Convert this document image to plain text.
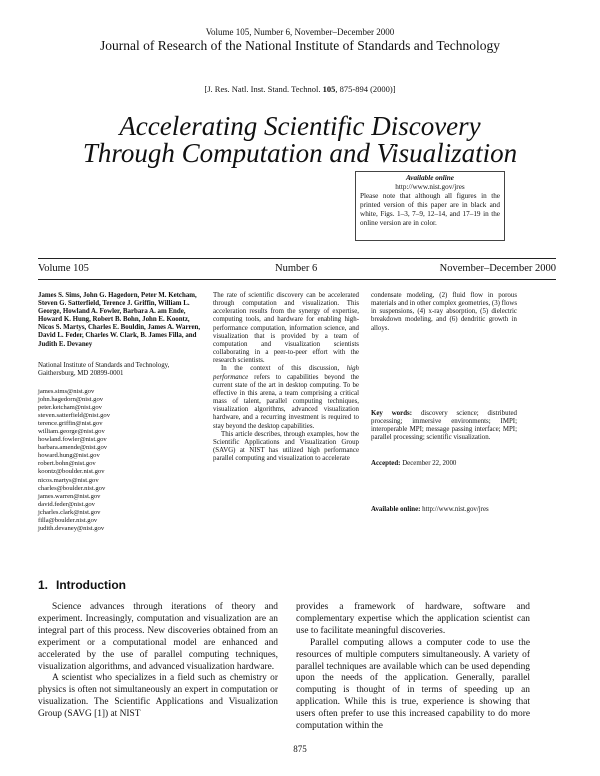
Volume 105, Number 6, November–December 2000
Journal of Research of the National Institute of Standards and Technology
[J. Res. Natl. Inst. Stand. Technol. 105, 875-894 (2000)]
Accelerating Scientific Discovery
Through Computation and Visualization
Available online
http://www.nist.gov/jres
Please note that although all figures in the printed version of this paper are in black and white, Figs. 1–3, 7–9, 12–14, and 17–19 in the online version are in color.
Volume 105	Number 6	November–December 2000
James S. Sims, John G. Hagedorn, Peter M. Ketcham, Steven G. Satterfield, Terence J. Griffin, William L. George, Howland A. Fowler, Barbara A. am Ende, Howard K. Hung, Robert B. Bohn, John E. Koontz, Nicos S. Martys, Charles E. Bouldin, James A. Warren, David L. Feder, Charles W. Clark, B. James Filla, and Judith E. Devaney
National Institute of Standards and Technology, Gaithersburg, MD 20899-0001
james.sims@nist.gov
john.hagedorn@nist.gov
peter.ketcham@nist.gov
steven.satterfield@nist.gov
terence.griffin@nist.gov
william.george@nist.gov
howland.fowler@nist.gov
barbara.amende@nist.gov
howard.hung@nist.gov
robert.bohn@nist.gov
koontz@boulder.nist.gov
nicos.martys@nist.gov
charles@boulder.nist.gov
james.warren@nist.gov
david.feder@nist.gov
jcharles.clark@nist.gov
filla@boulder.nist.gov
judith.devaney@nist.gov

The rate of scientific discovery can be accelerated through computation and visualization. This acceleration results from the synergy of expertise, computing tools, and hardware for enabling high-performance computation, information science, and visualization that is provided by a team of computation and visualization scientists collaborating in a peer-to-peer effort with the research scientists.

In the context of this discussion, high performance refers to capabilities beyond the current state of the art in desktop computing. To be effective in this arena, a team comprising a critical mass of talent, parallel computing techniques, visualization algorithms, advanced visualization hardware, and a recurring investment is required to stay beyond the desktop capabilities.

This article describes, through examples, how the Scientific Applications and Visualization Group (SAVG) at NIST has utilized high performance parallel computing and visualization to accelerate

condensate modeling, (2) fluid flow in porous materials and in other complex geometries, (3) flows in suspensions, (4) x-ray absorption, (5) dielectric breakdown modeling, and (6) dendritic growth in alloys.
Key words: discovery science; distributed processing; immersive environments; IMPI; interoperable MPI; message passing interface; MPI; parallel processing; scientific visualization.
Accepted: December 22, 2000
Available online: http://www.nist.gov/jres
1. Introduction

Science advances through iterations of theory and experiment. Increasingly, computation and visualization are an integral part of this process. New discoveries obtained from an experiment or a computational model are enhanced and accelerated by the use of parallel computing techniques, visualization algorithms, and advanced visualization hardware.

A scientist who specializes in a field such as chemistry or physics is often not simultaneously an expert in computation or visualization. The Scientific Applications and Visualization Group (SAVG [1]) at NIST

provides a framework of hardware, software and complementary expertise which the application scientist can use to facilitate meaningful discoveries.

Parallel computing allows a computer code to use the resources of multiple computers simultaneously. A variety of parallel techniques are available which can be used depending upon the needs of the application. Generally, parallel computing is thought of in terms of speeding up an application. While this is true, experience is showing that users often prefer to use this increased capability to do more computation within the

875
